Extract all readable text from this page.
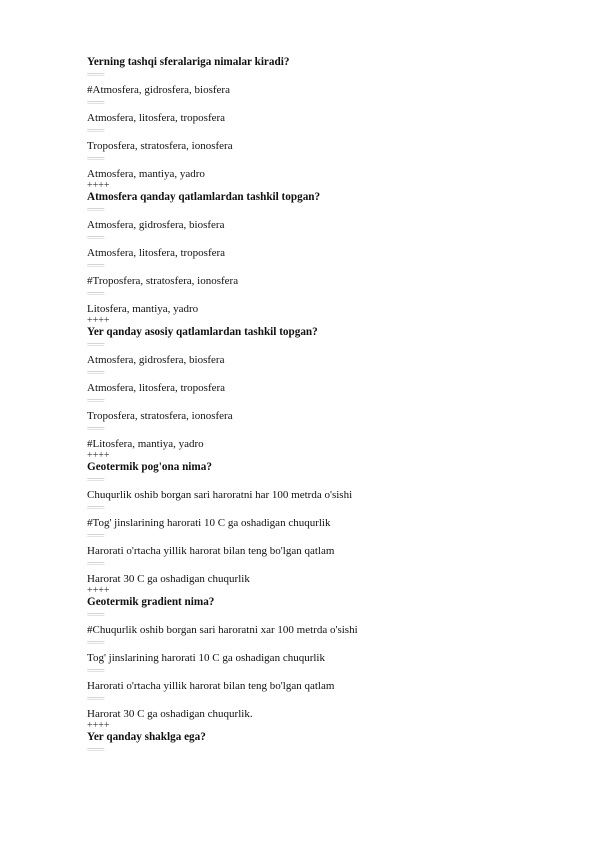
Yerning tashqi sferalariga nimalar kiradi?
=====
#Atmosfera, gidrosfera, biosfera
=====
Atmosfera, litosfera, troposfera
=====
Troposfera, stratosfera, ionosfera
=====
Atmosfera, mantiya, yadro
++++
Atmosfera qanday qatlamlardan tashkil topgan?
=====
Atmosfera, gidrosfera, biosfera
=====
Atmosfera, litosfera, troposfera
=====
#Troposfera, stratosfera, ionosfera
=====
Litosfera, mantiya, yadro
++++
Yer qanday asosiy qatlamlardan tashkil topgan?
=====
Atmosfera, gidrosfera, biosfera
=====
Atmosfera, litosfera, troposfera
=====
Troposfera, stratosfera, ionosfera
=====
#Litosfera, mantiya, yadro
++++
Geotermik pog'ona nima?
=====
Chuqurlik oshib borgan sari haroratni har 100 metrda o'sishi
=====
#Tog' jinslarining harorati 10 C ga oshadigan chuqurlik
=====
Harorati o'rtacha yillik harorat bilan teng bo'lgan qatlam
=====
Harorat 30 C ga oshadigan chuqurlik
++++
Geotermik gradient nima?
=====
#Chuqurlik oshib borgan sari haroratni xar 100 metrda o'sishi
=====
Tog' jinslarining harorati 10 C ga oshadigan chuqurlik
=====
Harorati o'rtacha yillik harorat bilan teng bo'lgan qatlam
=====
Harorat 30 C ga oshadigan chuqurlik.
++++
Yer qanday shaklga ega?
=====
